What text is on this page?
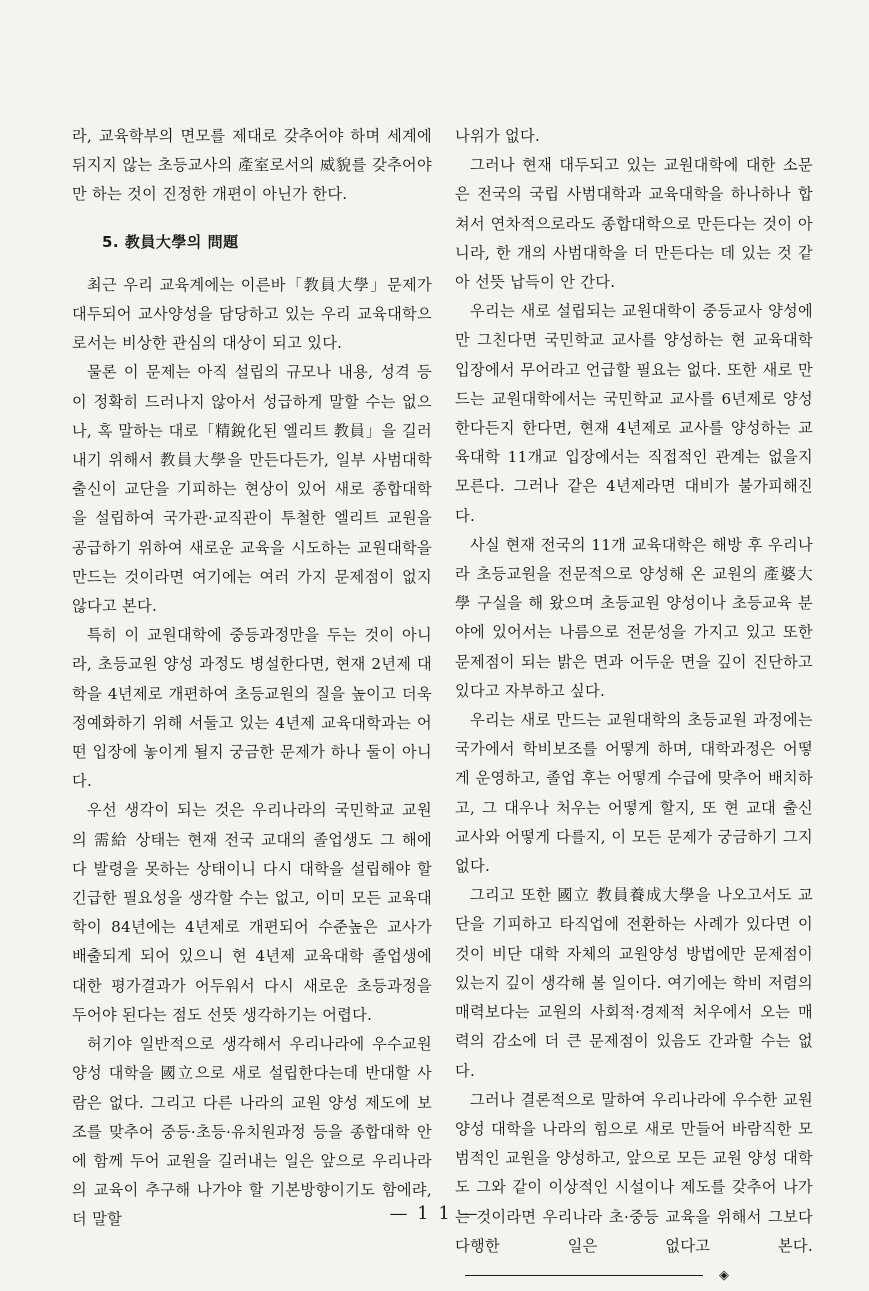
라, 교육학부의 면모를 제대로 갖추어야 하며 세계에 뒤지지 않는 초등교사의 產室로서의 威貌를 갖추어야만 하는 것이 진정한 개편이 아닌가 한다.

5. 教員大學의 問題

최근 우리 교육계에는 이른바「教員大學」문제가 대두되어 교사양성을 담당하고 있는 우리 교육대학으로서는 비상한 관심의 대상이 되고 있다.

물론 이 문제는 아직 설립의 규모나 내용, 성격 등이 정확히 드러나지 않아서 성급하게 말할 수는 없으나, 혹 말하는 대로「精銳化된 엘리트 教員」을 길러내기 위해서 教員大學을 만든다든가, 일부 사범대학 출신이 교단을 기피하는 현상이 있어 새로 종합대학을 설립하여 국가관·교직관이 투철한 엘리트 교원을 공급하기 위하여 새로운 교육을 시도하는 교원대학을 만드는 것이라면 여기에는 여러 가지 문제점이 없지 않다고 본다.

특히 이 교원대학에 중등과정만을 두는 것이 아니라, 초등교원 양성 과정도 병설한다면, 현재 2년제 대학을 4년제로 개편하여 초등교원의 질을 높이고 더욱 정예화하기 위해 서둘고 있는 4년제 교육대학과는 어떤 입장에 놓이게 될지 궁금한 문제가 하나 둘이 아니다.

우선 생각이 되는 것은 우리나라의 국민학교 교원의 需給 상태는 현재 전국 교대의 졸업생도 그 해에 다 발령을 못하는 상태이니 다시 대학을 설립해야 할 긴급한 필요성을 생각할 수는 없고, 이미 모든 교육대학이 84년에는 4년제로 개편되어 수준높은 교사가 배출되게 되어 있으니 현 4년제 교육대학 졸업생에 대한 평가결과가 어두워서 다시 새로운 초등과정을 두어야 된다는 점도 선뜻 생각하기는 어렵다.

허기야 일반적으로 생각해서 우리나라에 우수교원 양성 대학을 國立으로 새로 설립한다는데 반대할 사람은 없다. 그리고 다른 나라의 교원 양성 제도에 보조를 맞추어 중등·초등·유치원과정 등을 종합대학 안에 함께 두어 교원을 길러내는 일은 앞으로 우리나라의 교육이 추구해 나가야 할 기본방향이기도 함에랴, 더 말할

나위가 없다.

그러나 현재 대두되고 있는 교원대학에 대한 소문은 전국의 국립 사범대학과 교육대학을 하나하나 합쳐서 연차적으로라도 종합대학으로 만든다는 것이 아니라, 한 개의 사범대학을 더 만든다는 데 있는 것 같아 선뜻 납득이 안 간다.

우리는 새로 설립되는 교원대학이 중등교사 양성에만 그친다면 국민학교 교사를 양성하는 현 교육대학 입장에서 무어라고 언급할 필요는 없다. 또한 새로 만드는 교원대학에서는 국민학교 교사를 6년제로 양성한다든지 한다면, 현재 4년제로 교사를 양성하는 교육대학 11개교 입장에서는 직접적인 관계는 없을지 모른다. 그러나 같은 4년제라면 대비가 불가피해진다.

사실 현재 전국의 11개 교육대학은 해방 후 우리나라 초등교원을 전문적으로 양성해 온 교원의 產婆大學 구실을 해 왔으며 초등교원 양성이나 초등교육 분야에 있어서는 나름으로 전문성을 가지고 있고 또한 문제점이 되는 밝은 면과 어두운 면을 깊이 진단하고 있다고 자부하고 싶다.

우리는 새로 만드는 교원대학의 초등교원 과정에는 국가에서 학비보조를 어떻게 하며, 대학과정은 어떻게 운영하고, 졸업 후는 어떻게 수급에 맞추어 배치하고, 그 대우나 처우는 어떻게 할지, 또 현 교대 출신 교사와 어떻게 다를지, 이 모든 문제가 궁금하기 그지없다.

그리고 또한 國立 教員養成大學을 나오고서도 교단을 기피하고 타직업에 전환하는 사례가 있다면 이것이 비단 대학 자체의 교원양성 방법에만 문제점이 있는지 깊이 생각해 볼 일이다. 여기에는 학비 저렴의 매력보다는 교원의 사회적·경제적 처우에서 오는 매력의 감소에 더 큰 문제점이 있음도 간과할 수는 없다.

그러나 결론적으로 말하여 우리나라에 우수한 교원 양성 대학을 나라의 힘으로 새로 만들어 바람직한 모범적인 교원을 양성하고, 앞으로 모든 교원 양성 대학도 그와 같이 이상적인 시설이나 제도를 갖추어 나가는 것이라면 우리나라 초·중등 교육을 위해서 그보다 다행한 일은 없다고 본다.◈

— 1 1 —
